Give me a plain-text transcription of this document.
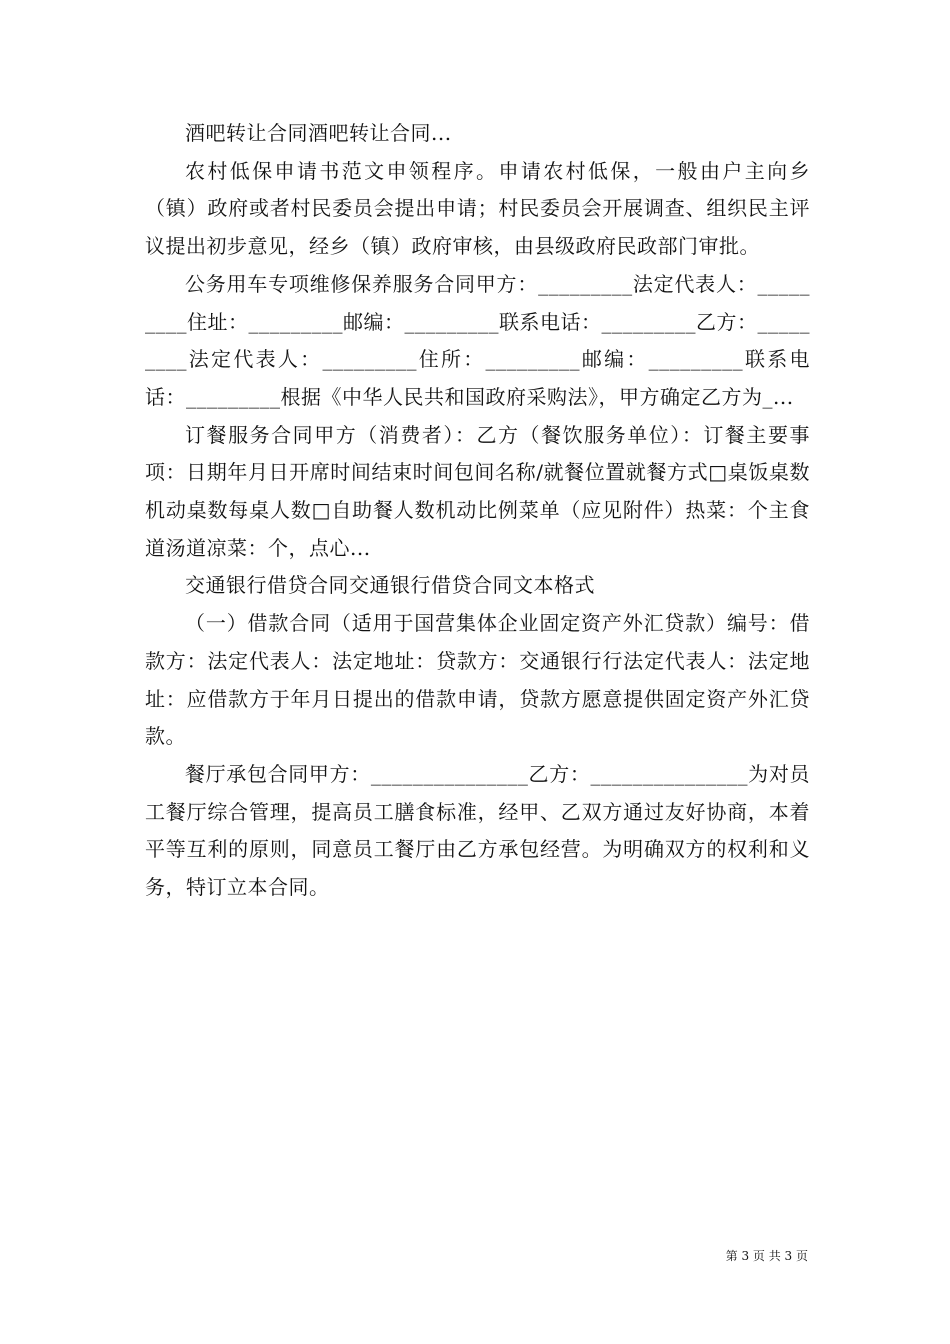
酒吧转让合同酒吧转让合同...

农村低保申请书范文申领程序。申请农村低保，一般由户主向乡（镇）政府或者村民委员会提出申请；村民委员会开展调查、组织民主评议提出初步意见，经乡（镇）政府审核，由县级政府民政部门审批。

公务用车专项维修保养服务合同甲方：_________法定代表人：_________住址：_________邮编：_________联系电话：_________乙方：_________法定代表人：_________住所：_________邮编：_________联系电话：_________根据《中华人民共和国政府采购法》，甲方确定乙方为_...

订餐服务合同甲方（消费者）：乙方（餐饮服务单位）：订餐主要事项：日期年月日开席时间结束时间包间名称/就餐位置就餐方式□桌饭桌数机动桌数每桌人数□自助餐人数机动比例菜单（应见附件）热菜：个主食道汤道凉菜：个，点心...

交通银行借贷合同交通银行借贷合同文本格式

（一）借款合同（适用于国营集体企业固定资产外汇贷款）编号：借款方：法定代表人：法定地址：贷款方：交通银行行法定代表人：法定地址：应借款方于年月日提出的借款申请，贷款方愿意提供固定资产外汇贷款。

餐厅承包合同甲方：_______________乙方：_______________为对员工餐厅综合管理，提高员工膳食标准，经甲、乙双方通过友好协商，本着平等互利的原则，同意员工餐厅由乙方承包经营。为明确双方的权利和义务，特订立本合同。

第 3 页 共 3 页
